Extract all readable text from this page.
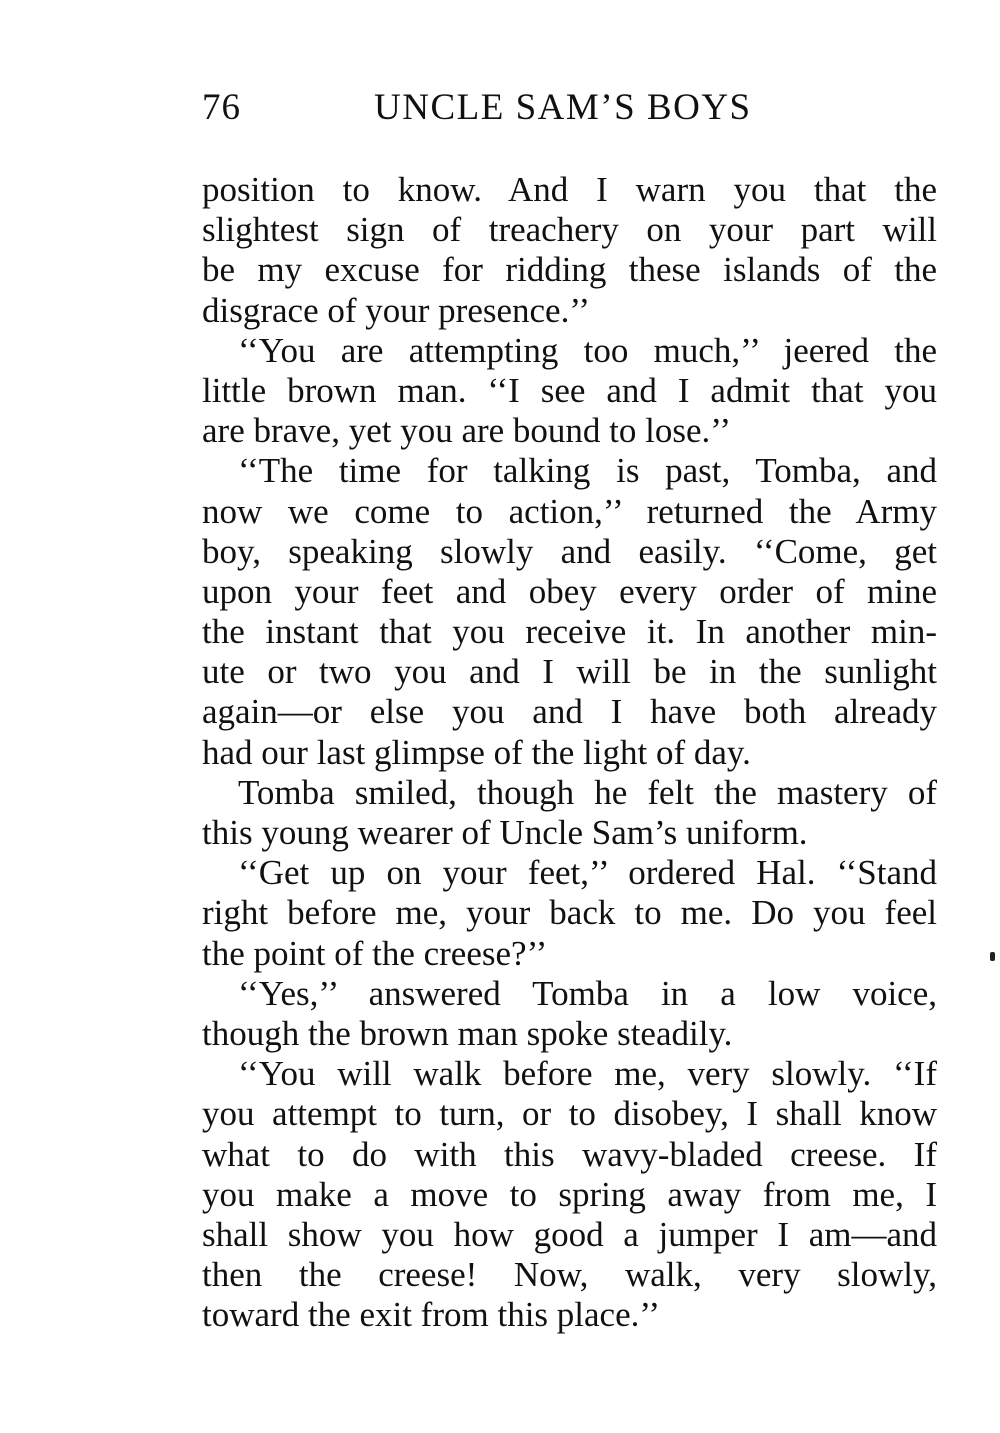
76	UNCLE SAM’S BOYS
position to know. And I warn you that the
slightest sign of treachery on your part will
be my excuse for ridding these islands of the
disgrace of your presence.’’
‘‘You are attempting too much,’’ jeered the
little brown man. ‘‘I see and I admit that you
are brave, yet you are bound to lose.’’
‘‘The time for talking is past, Tomba, and
now we come to action,’’ returned the Army
boy, speaking slowly and easily. ‘‘Come, get
upon your feet and obey every order of mine
the instant that you receive it. In another min-
ute or two you and I will be in the sunlight
again—or else you and I have both already
had our last glimpse of the light of day.
Tomba smiled, though he felt the mastery of
this young wearer of Uncle Sam’s uniform.
‘‘Get up on your feet,’’ ordered Hal. ‘‘Stand
right before me, your back to me. Do you feel
the point of the creese?’’
‘‘Yes,’’ answered Tomba in a low voice,
though the brown man spoke steadily.
‘‘You will walk before me, very slowly. ‘‘If
you attempt to turn, or to disobey, I shall know
what to do with this wavy-bladed creese. If
you make a move to spring away from me, I
shall show you how good a jumper I am—and
then the creese! Now, walk, very slowly,
toward the exit from this place.’’
